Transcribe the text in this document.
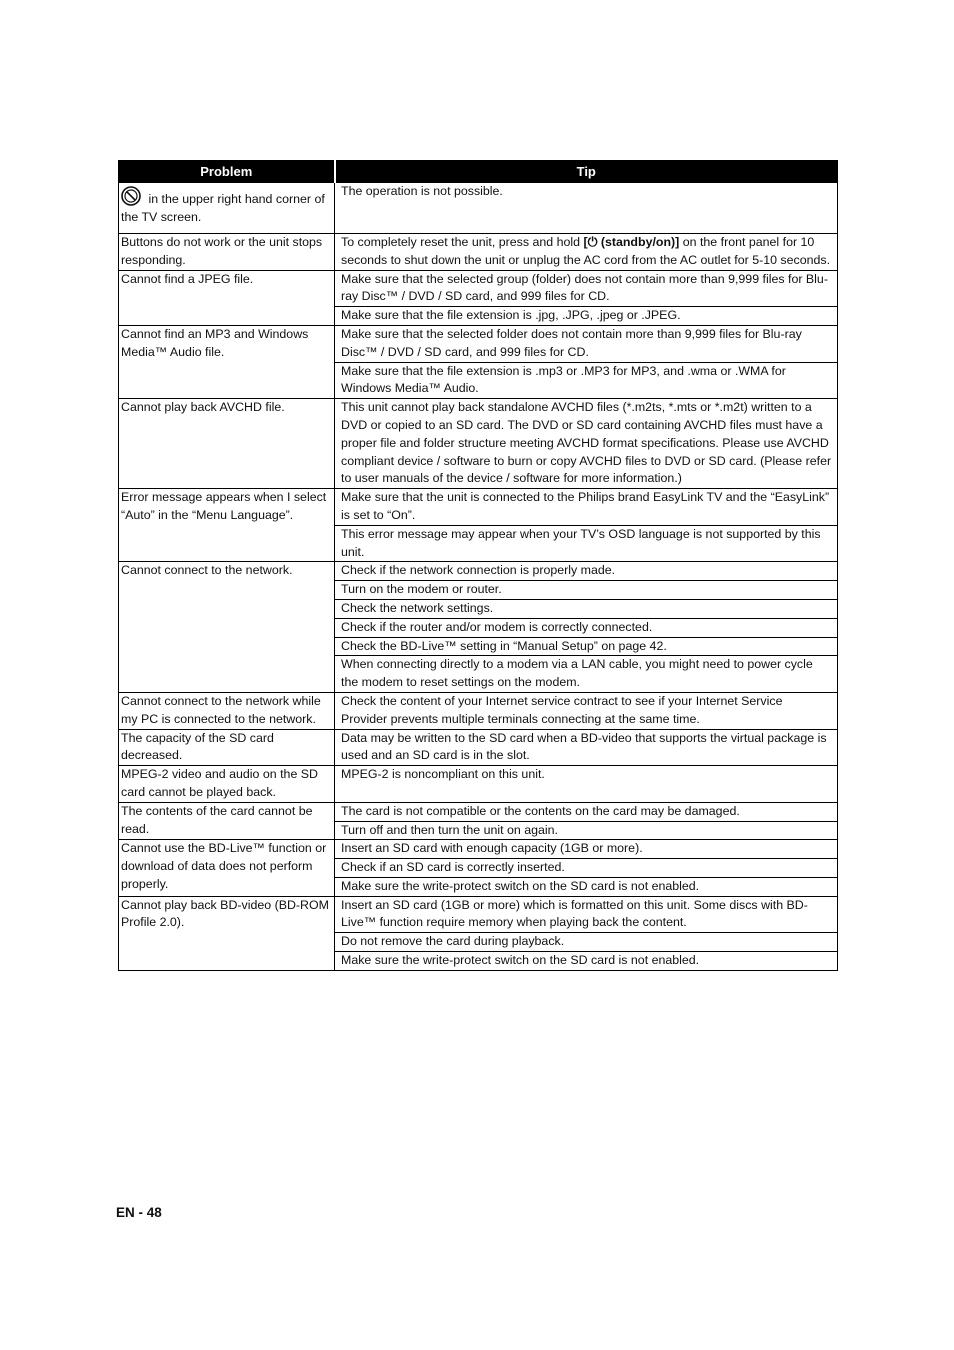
Problem	Tip
in the upper right hand corner of the TV screen.	The operation is not possible.
Buttons do not work or the unit stops responding.	To completely reset the unit, press and hold [⏻ (standby/on)] on the front panel for 10 seconds to shut down the unit or unplug the AC cord from the AC outlet for 5-10 seconds.
Cannot find a JPEG file.	Make sure that the selected group (folder) does not contain more than 9,999 files for Blu-ray Disc™ / DVD / SD card, and 999 files for CD.
	Make sure that the file extension is .jpg, .JPG, .jpeg or .JPEG.
Cannot find an MP3 and Windows Media™ Audio file.	Make sure that the selected folder does not contain more than 9,999 files for Blu-ray Disc™ / DVD / SD card, and 999 files for CD.
	Make sure that the file extension is .mp3 or .MP3 for MP3, and .wma or .WMA for Windows Media™ Audio.
Cannot play back AVCHD file.	This unit cannot play back standalone AVCHD files (*.m2ts, *.mts or *.m2t) written to a DVD or copied to an SD card. The DVD or SD card containing AVCHD files must have a proper file and folder structure meeting AVCHD format specifications. Please use AVCHD compliant device / software to burn or copy AVCHD files to DVD or SD card. (Please refer to user manuals of the device / software for more information.)
Error message appears when I select “Auto” in the “Menu Language”.	Make sure that the unit is connected to the Philips brand EasyLink TV and the “EasyLink” is set to “On”.
	This error message may appear when your TV’s OSD language is not supported by this unit.
Cannot connect to the network.	Check if the network connection is properly made.
	Turn on the modem or router.
	Check the network settings.
	Check if the router and/or modem is correctly connected.
	Check the BD-Live™ setting in “Manual Setup” on page 42.
	When connecting directly to a modem via a LAN cable, you might need to power cycle the modem to reset settings on the modem.
Cannot connect to the network while my PC is connected to the network.	Check the content of your Internet service contract to see if your Internet Service Provider prevents multiple terminals connecting at the same time.
The capacity of the SD card decreased.	Data may be written to the SD card when a BD-video that supports the virtual package is used and an SD card is in the slot.
MPEG-2 video and audio on the SD card cannot be played back.	MPEG-2 is noncompliant on this unit.
The contents of the card cannot be read.	The card is not compatible or the contents on the card may be damaged.
	Turn off and then turn the unit on again.
Cannot use the BD-Live™ function or download of data does not perform properly.	Insert an SD card with enough capacity (1GB or more).
	Check if an SD card is correctly inserted.
	Make sure the write-protect switch on the SD card is not enabled.
Cannot play back BD-video (BD-ROM Profile 2.0).	Insert an SD card (1GB or more) which is formatted on this unit. Some discs with BD-Live™ function require memory when playing back the content.
	Do not remove the card during playback.
	Make sure the write-protect switch on the SD card is not enabled.
EN - 48
